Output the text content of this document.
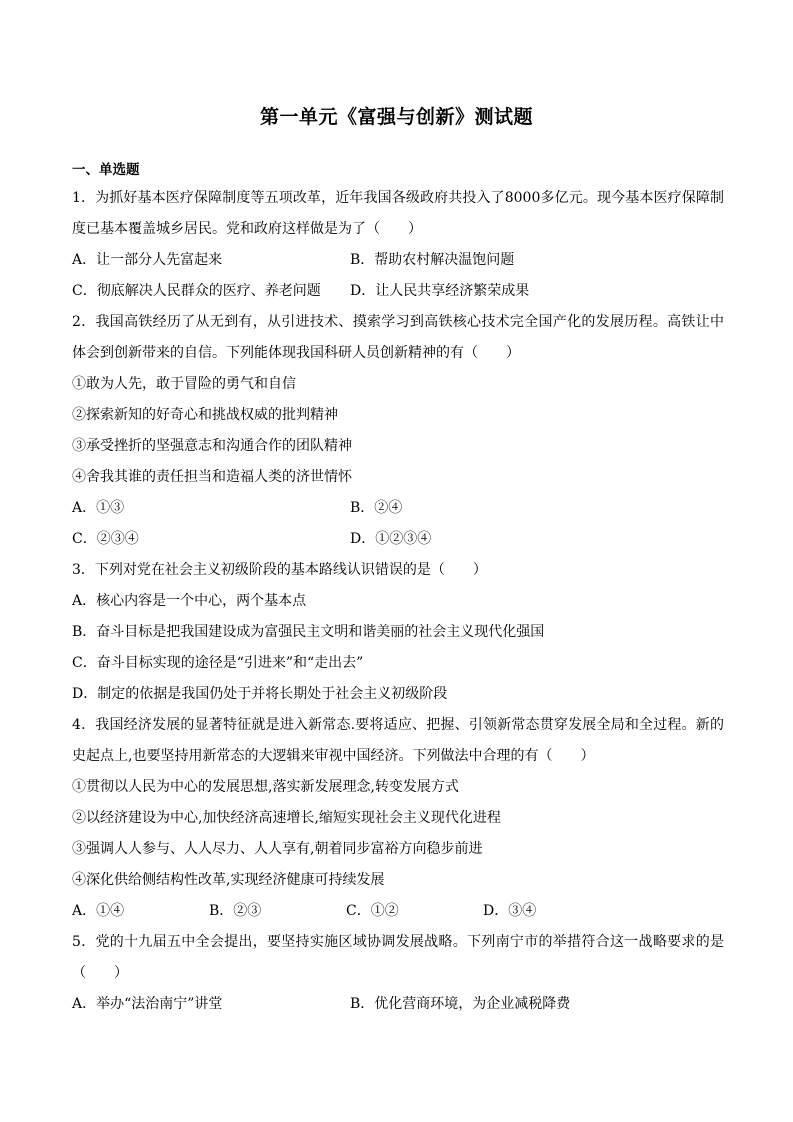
第一单元《富强与创新》测试题
一、单选题
1．为抓好基本医疗保障制度等五项改革，近年我国各级政府共投入了8000多亿元。现今基本医疗保障制
度已基本覆盖城乡居民。党和政府这样做是为了（　　）
A．让一部分人先富起来	B．帮助农村解决温饱问题
C．彻底解决人民群众的医疗、养老问题	D．让人民共享经济繁荣成果
2．我国高铁经历了从无到有，从引进技术、摸索学习到高铁核心技术完全国产化的发展历程。高铁让中
体会到创新带来的自信。下列能体现我国科研人员创新精神的有（　　）
①敢为人先，敢于冒险的勇气和自信
②探索新知的好奇心和挑战权威的批判精神
③承受挫折的坚强意志和沟通合作的团队精神
④舍我其谁的责任担当和造福人类的济世情怀
A．①③	B．②④
C．②③④	D．①②③④
3．下列对党在社会主义初级阶段的基本路线认识错误的是（　　）
A．核心内容是一个中心，两个基本点
B．奋斗目标是把我国建设成为富强民主文明和谐美丽的社会主义现代化强国
C．奋斗目标实现的途径是“引进来”和“走出去”
D．制定的依据是我国仍处于并将长期处于社会主义初级阶段
4．我国经济发展的显著特征就是进入新常态.要将适应、把握、引领新常态贯穿发展全局和全过程。新的
史起点上,也要坚持用新常态的大逻辑来审视中国经济。下列做法中合理的有（　　）
①贯彻以人民为中心的发展思想,落实新发展理念,转变发展方式
②以经济建设为中心,加快经济高速增长,缩短实现社会主义现代化进程
③强调人人参与、人人尽力、人人享有,朝着同步富裕方向稳步前进
④深化供给侧结构性改革,实现经济健康可持续发展
A．①④	B．②③	C．①②	D．③④
5．党的十九届五中全会提出，要坚持实施区域协调发展战略。下列南宁市的举措符合这一战略要求的是
（　　）
A．举办“法治南宁”讲堂	B．优化营商环境，为企业减税降费
